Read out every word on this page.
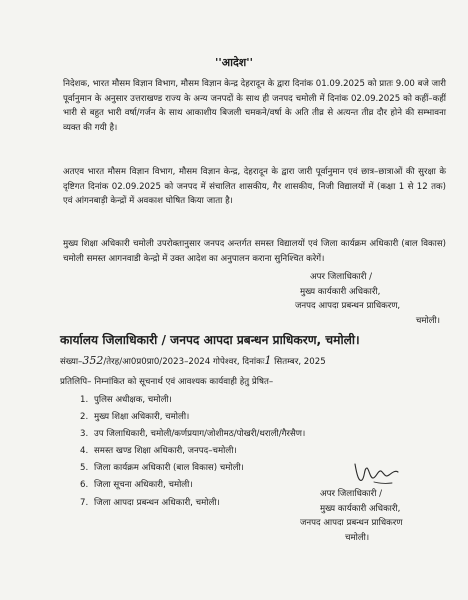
''आदेश''
निदेशक, भारत मौसम विज्ञान विभाग, मौसम विज्ञान केन्द्र देहरादून के द्वारा दिनांक 01.09.2025 को प्रातः 9.00 बजे जारी पूर्वानुमान के अनुसार उत्तराखण्ड राज्य के अन्य जनपदों के साथ ही जनपद चमोली में दिनांक 02.09.2025 को कहीं–कहीं भारी से बहुत भारी वर्षा/गर्जन के साथ आकाशीय बिजली चमकने/वर्षा के अति तीव्र से अत्यन्त तीव्र दौर होने की सम्भावना व्यक्त की गयी है।
अतएव भारत मौसम विज्ञान विभाग, मौसम विज्ञान केन्द्र, देहरादून के द्वारा जारी पूर्वानुमान एवं छात्र–छात्राओं की सुरक्षा के दृष्टिगत दिनांक 02.09.2025 को जनपद में संचालित शासकीय, गैर शासकीय, निजी विद्यालयों में (कक्षा 1 से 12 तक) एवं आंगनबाड़ी केन्द्रों में अवकाश घोषित किया जाता है।
मुख्य शिक्षा अधिकारी चमोली उपरोक्तानुसार जनपद अन्तर्गत समस्त विद्यालयों एवं जिला कार्यक्रम अधिकारी (बाल विकास) चमोली समस्त आगनवाडी केन्द्रो में उक्त आदेश का अनुपालन कराना सुनिश्चित करेगें।
अपर जिलाधिकारी /
मुख्य कार्यकारी अधिकारी,
जनपद आपदा प्रबन्धन प्राधिकरण,
चमोली।
कार्यालय जिलाधिकारी / जनपद आपदा प्रबन्धन प्राधिकरण, चमोली।
संख्या–352/तेरह/आ0प्र0प्रा0/2023–2024 गोपेश्वर, दिनांकः1 सितम्बर, 2025
प्रतिलिपि– निम्नांकित को सूचनार्थ एवं आवश्यक कार्यवाही हेतु प्रेषित–
1. पुलिस अधीक्षक, चमोली।
2. मुख्य शिक्षा अधिकारी, चमोली।
3. उप जिलाधिकारी, चमोली/कर्णप्रयाग/जोशीमठ/पोखरी/थराली/गैरसैण।
4. समस्त खण्ड शिक्षा अधिकारी, जनपद–चमोली।
5. जिला कार्यक्रम अधिकारी (बाल विकास) चमोली।
6. जिला सूचना अधिकारी, चमोली।
7. जिला आपदा प्रबन्धन अधिकारी, चमोली।
अपर जिलाधिकारी /
मुख्य कार्यकारी अधिकारी,
जनपद आपदा प्रबन्धन प्राधिकरण
चमोली।
